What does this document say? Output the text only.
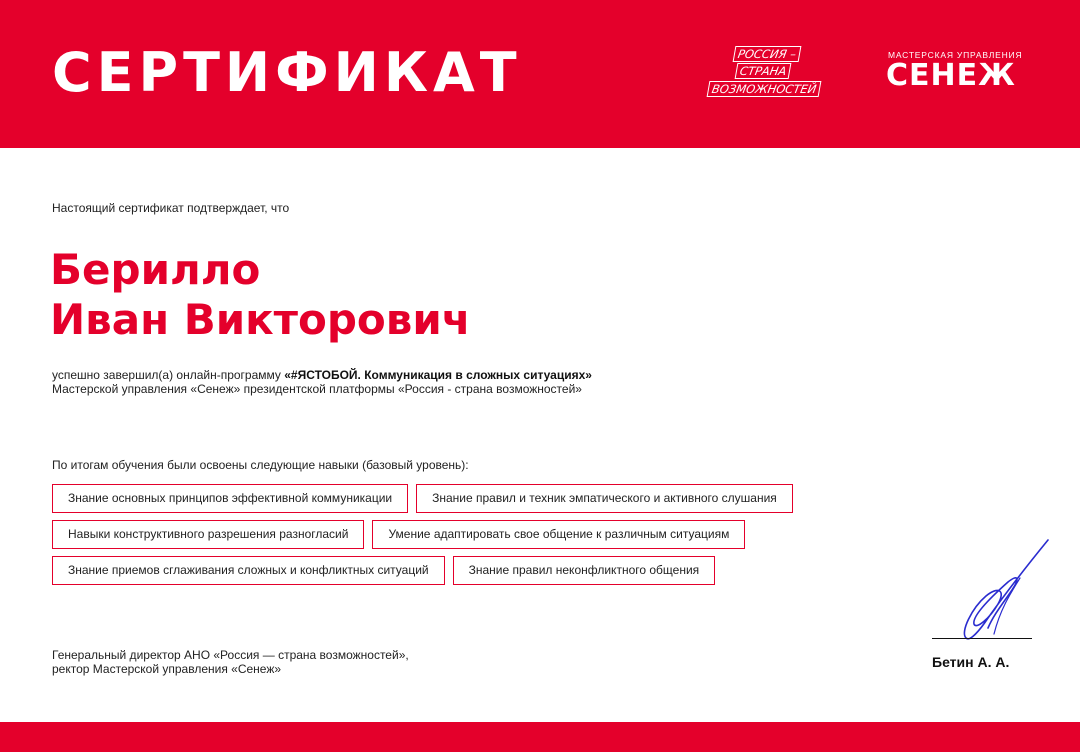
СЕРТИФИКАТ	РОССИЯ –
СТРАНА
ВОЗМОЖНОСТЕЙ
МАСТЕРСКАЯ УПРАВЛЕНИЯ
СЕНЕЖ
Настоящий сертификат подтверждает, что
Берилло
Иван Викторович
успешно завершил(а) онлайн-программу «#ЯСТОБОЙ. Коммуникация в сложных ситуациях»
Мастерской управления «Сенеж» президентской платформы «Россия - страна возможностей»
По итогам обучения были освоены следующие навыки (базовый уровень):
Знание основных принципов эффективной коммуникации	Знание правил и техник эмпатического и активного слушания
Навыки конструктивного разрешения разногласий	Умение адаптировать свое общение к различным ситуациям
Знание приемов сглаживания сложных и конфликтных ситуаций	Знание правил неконфликтного общения
Генеральный директор АНО «Россия — страна возможностей»,
ректор Мастерской управления «Сенеж»	Бетин А. А.
